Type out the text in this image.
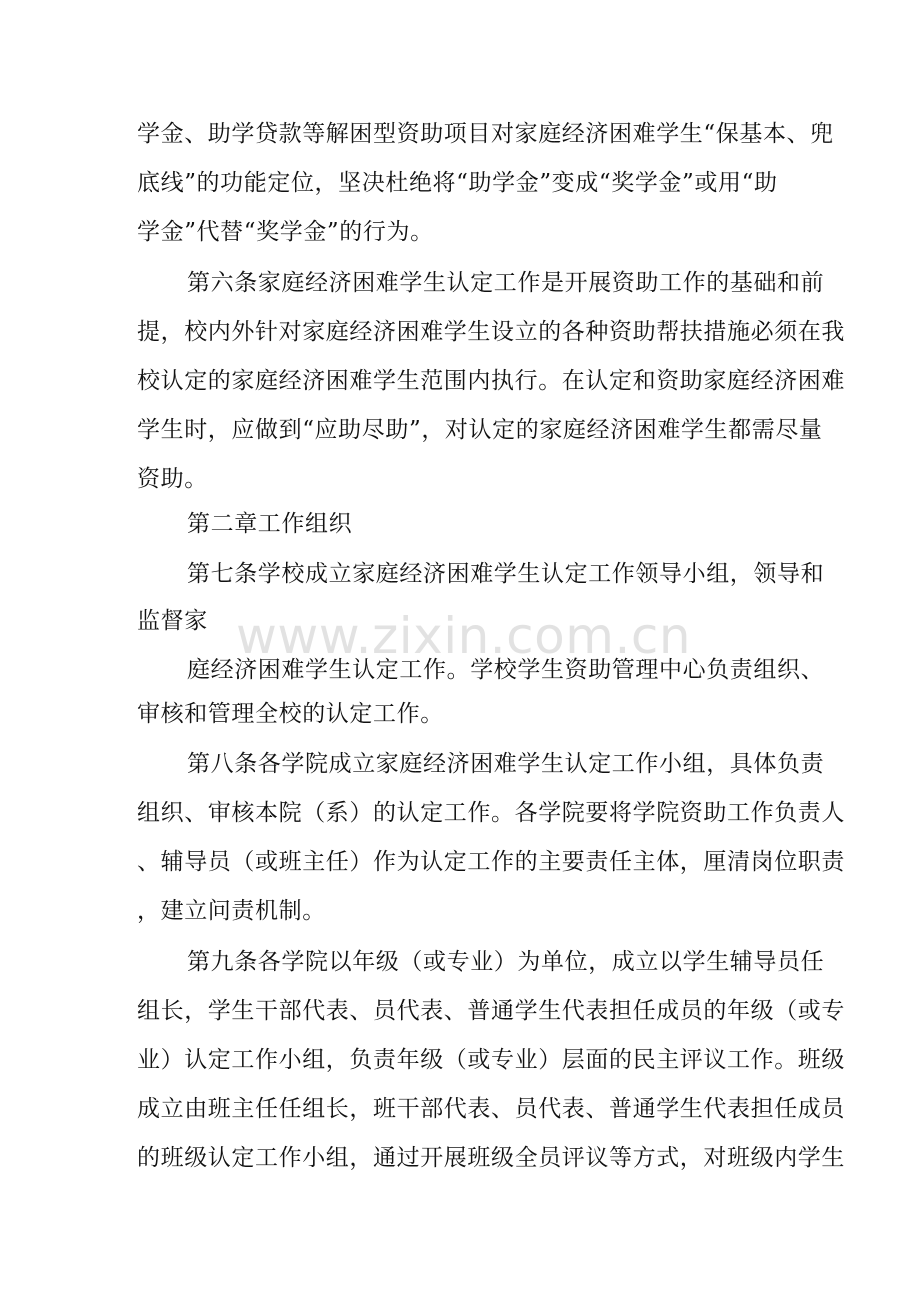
学金、助学贷款等解困型资助项目对家庭经济困难学生“保基本、兜
底线”的功能定位，坚决杜绝将“助学金”变成“奖学金”或用“助
学金”代替“奖学金”的行为。
第六条家庭经济困难学生认定工作是开展资助工作的基础和前
提，校内外针对家庭经济困难学生设立的各种资助帮扶措施必须在我
校认定的家庭经济困难学生范围内执行。在认定和资助家庭经济困难
学生时，应做到“应助尽助”，对认定的家庭经济困难学生都需尽量
资助。
第二章工作组织
第七条学校成立家庭经济困难学生认定工作领导小组，领导和
监督家
庭经济困难学生认定工作。学校学生资助管理中心负责组织、
审核和管理全校的认定工作。
第八条各学院成立家庭经济困难学生认定工作小组，具体负责
组织、审核本院（系）的认定工作。各学院要将学院资助工作负责人
、辅导员（或班主任）作为认定工作的主要责任主体，厘清岗位职责
，建立问责机制。
第九条各学院以年级（或专业）为单位，成立以学生辅导员任
组长，学生干部代表、员代表、普通学生代表担任成员的年级（或专
业）认定工作小组，负责年级（或专业）层面的民主评议工作。班级
成立由班主任任组长，班干部代表、员代表、普通学生代表担任成员
的班级认定工作小组，通过开展班级全员评议等方式，对班级内学生
www.zixin.com.cn
